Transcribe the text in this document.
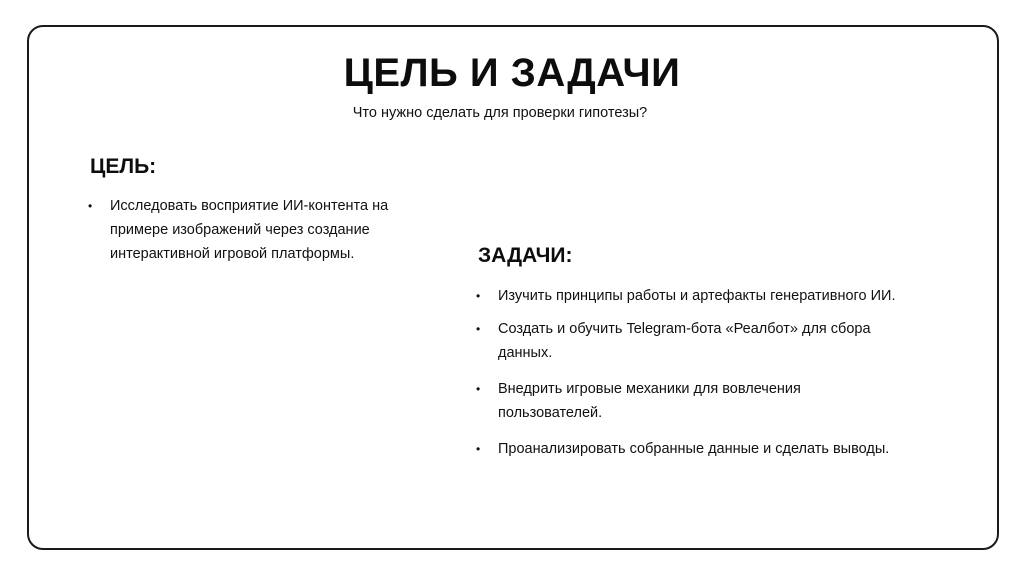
ЦЕЛЬ И ЗАДАЧИ

Что нужно сделать для проверки гипотезы?

ЦЕЛЬ:
• Исследовать восприятие ИИ-контента на примере изображений через создание интерактивной игровой платформы.	ЗАДАЧИ:
• Изучить принципы работы и артефакты генеративного ИИ.
• Создать и обучить Telegram-бота «Реалбот» для сбора данных.
• Внедрить игровые механики для вовлечения пользователей.
• Проанализировать собранные данные и сделать выводы.
